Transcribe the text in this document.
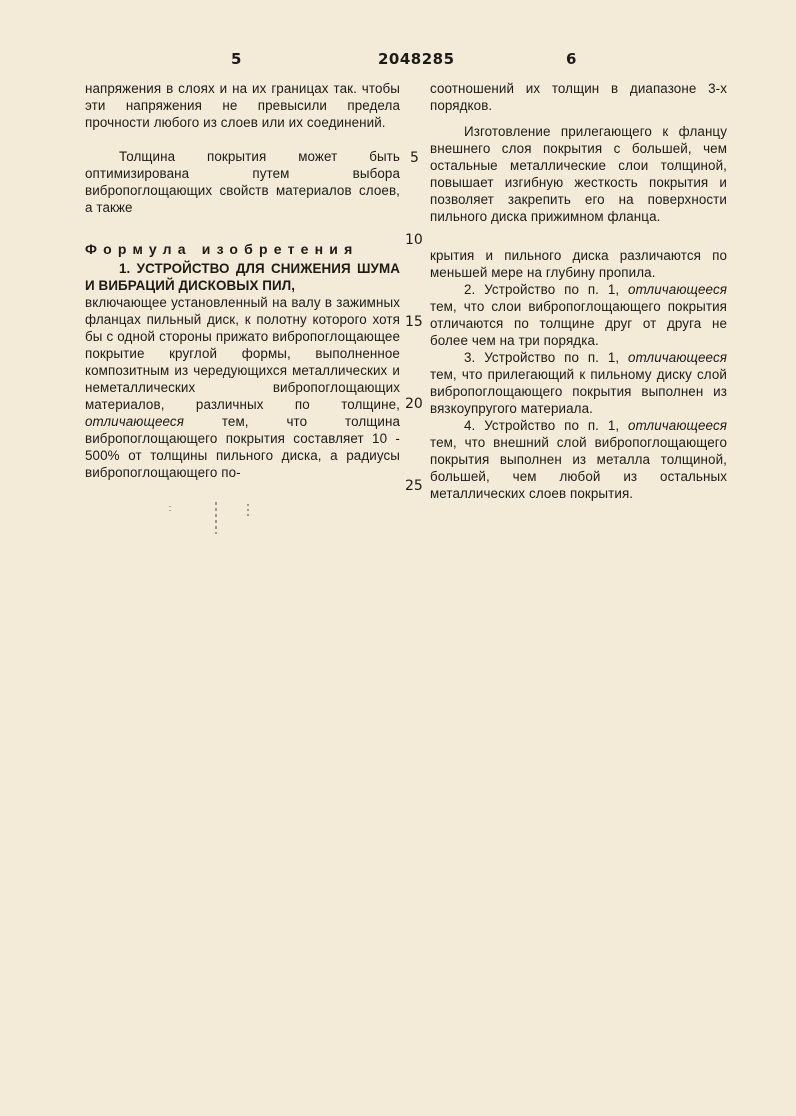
5	2048285	6

напряжения в слоях и на их границах так. чтобы эти напряжения не превысили предела прочности любого из слоев или их соединений.

Толщина покрытия может быть оптимизирована путем выбора вибропоглощающих свойств материалов слоев, а также

Формула изобретения

1. УСТРОЙСТВО ДЛЯ СНИЖЕНИЯ ШУМА И ВИБРАЦИЙ ДИСКОВЫХ ПИЛ,

включающее установленный на валу в зажимных фланцах пильный диск, к полотну которого хотя бы с одной стороны прижато вибропоглощающее покрытие круглой формы, выполненное композитным из чередующихся металлических и неметаллических вибропоглощающих материалов, различных по толщине, отличающееся	тем, что толщина вибропоглощающего покрытия составляет 10 - 500% от толщины пильного диска, а радиусы вибропоглощающего по-

5
10
15
20
25

соотношений их толщин в диапазоне 3-х порядков.

Изготовление прилегающего к фланцу внешнего слоя покрытия с большей, чем остальные металлические слои толщиной, повышает изгибную жесткость покрытия и позволяет закрепить его на поверхности пильного диска прижимном фланца.

крытия и пильного диска различаются по меньшей мере на глубину пропила.

2. Устройство по п. 1, отличающееся тем, что слои вибропоглощающего покрытия отличаются по толщине друг от друга не более чем на три порядка.

3. Устройство по п. 1, отличающееся тем, что прилегающий к пильному диску слой вибропоглощающего покрытия выполнен из вязкоупругого материала.

4. Устройство по п. 1, отличающееся тем, что внешний слой вибропоглощающего покрытия выполнен из металла толщиной, большей, чем любой из остальных металлических слоев покрытия.
